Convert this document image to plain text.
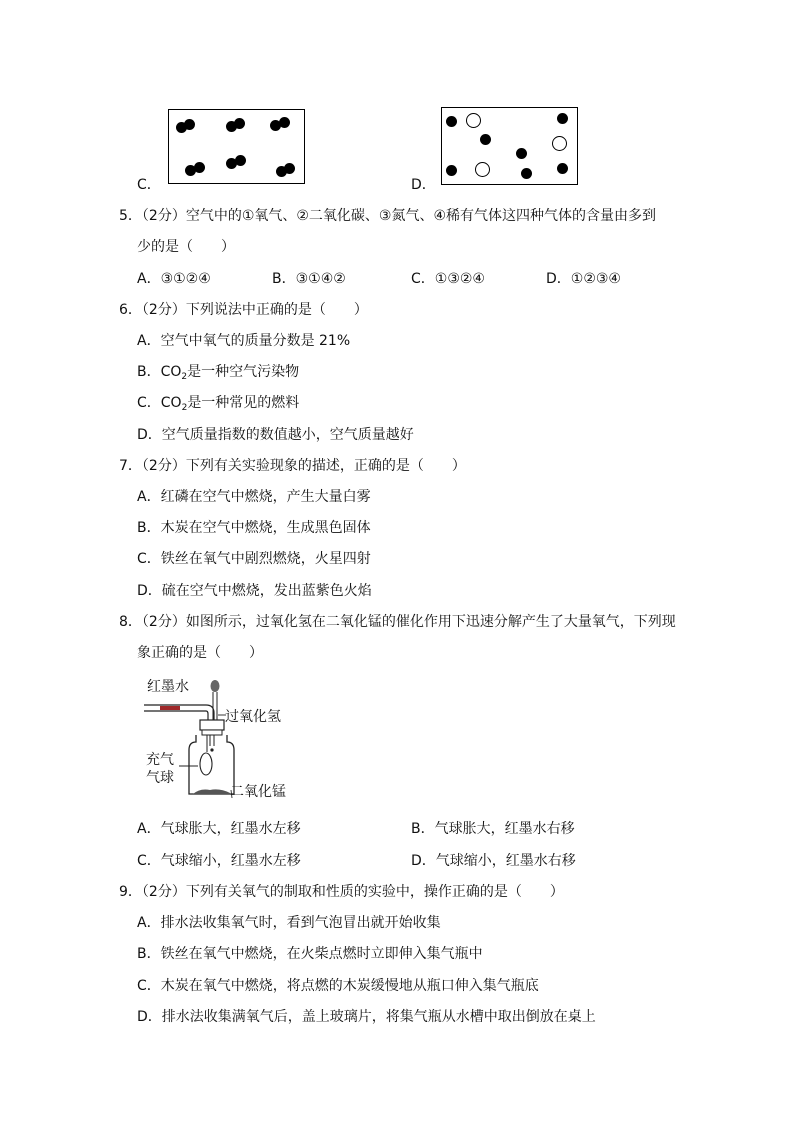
C．	D．
5．（2分）空气中的①氧气、②二氧化碳、③氮气、④稀有气体这四种气体的含量由多到
少的是（　　）
A．③①②④	B．③①④②	C．①③②④	D．①②③④
6．（2分）下列说法中正确的是（　　）
A．空气中氧气的质量分数是 21%
B．$CO_2$是一种空气污染物
C．$CO_2$是一种常见的燃料
D．空气质量指数的数值越小，空气质量越好
7．（2分）下列有关实验现象的描述，正确的是（　　）
A．红磷在空气中燃烧，产生大量白雾
B．木炭在空气中燃烧，生成黑色固体
C．铁丝在氧气中剧烈燃烧，火星四射
D．硫在空气中燃烧，发出蓝紫色火焰
8．（2分）如图所示，过氧化氢在二氧化锰的催化作用下迅速分解产生了大量氧气，下列现
象正确的是（　　）
红墨水
过氧化氢
充气
气球
二氧化锰
A．气球胀大，红墨水左移	B．气球胀大，红墨水右移
C．气球缩小，红墨水左移	D．气球缩小，红墨水右移
9．（2分）下列有关氧气的制取和性质的实验中，操作正确的是（　　）
A．排水法收集氧气时，看到气泡冒出就开始收集
B．铁丝在氧气中燃烧，在火柴点燃时立即伸入集气瓶中
C．木炭在氧气中燃烧，将点燃的木炭缓慢地从瓶口伸入集气瓶底
D．排水法收集满氧气后，盖上玻璃片，将集气瓶从水槽中取出倒放在桌上
